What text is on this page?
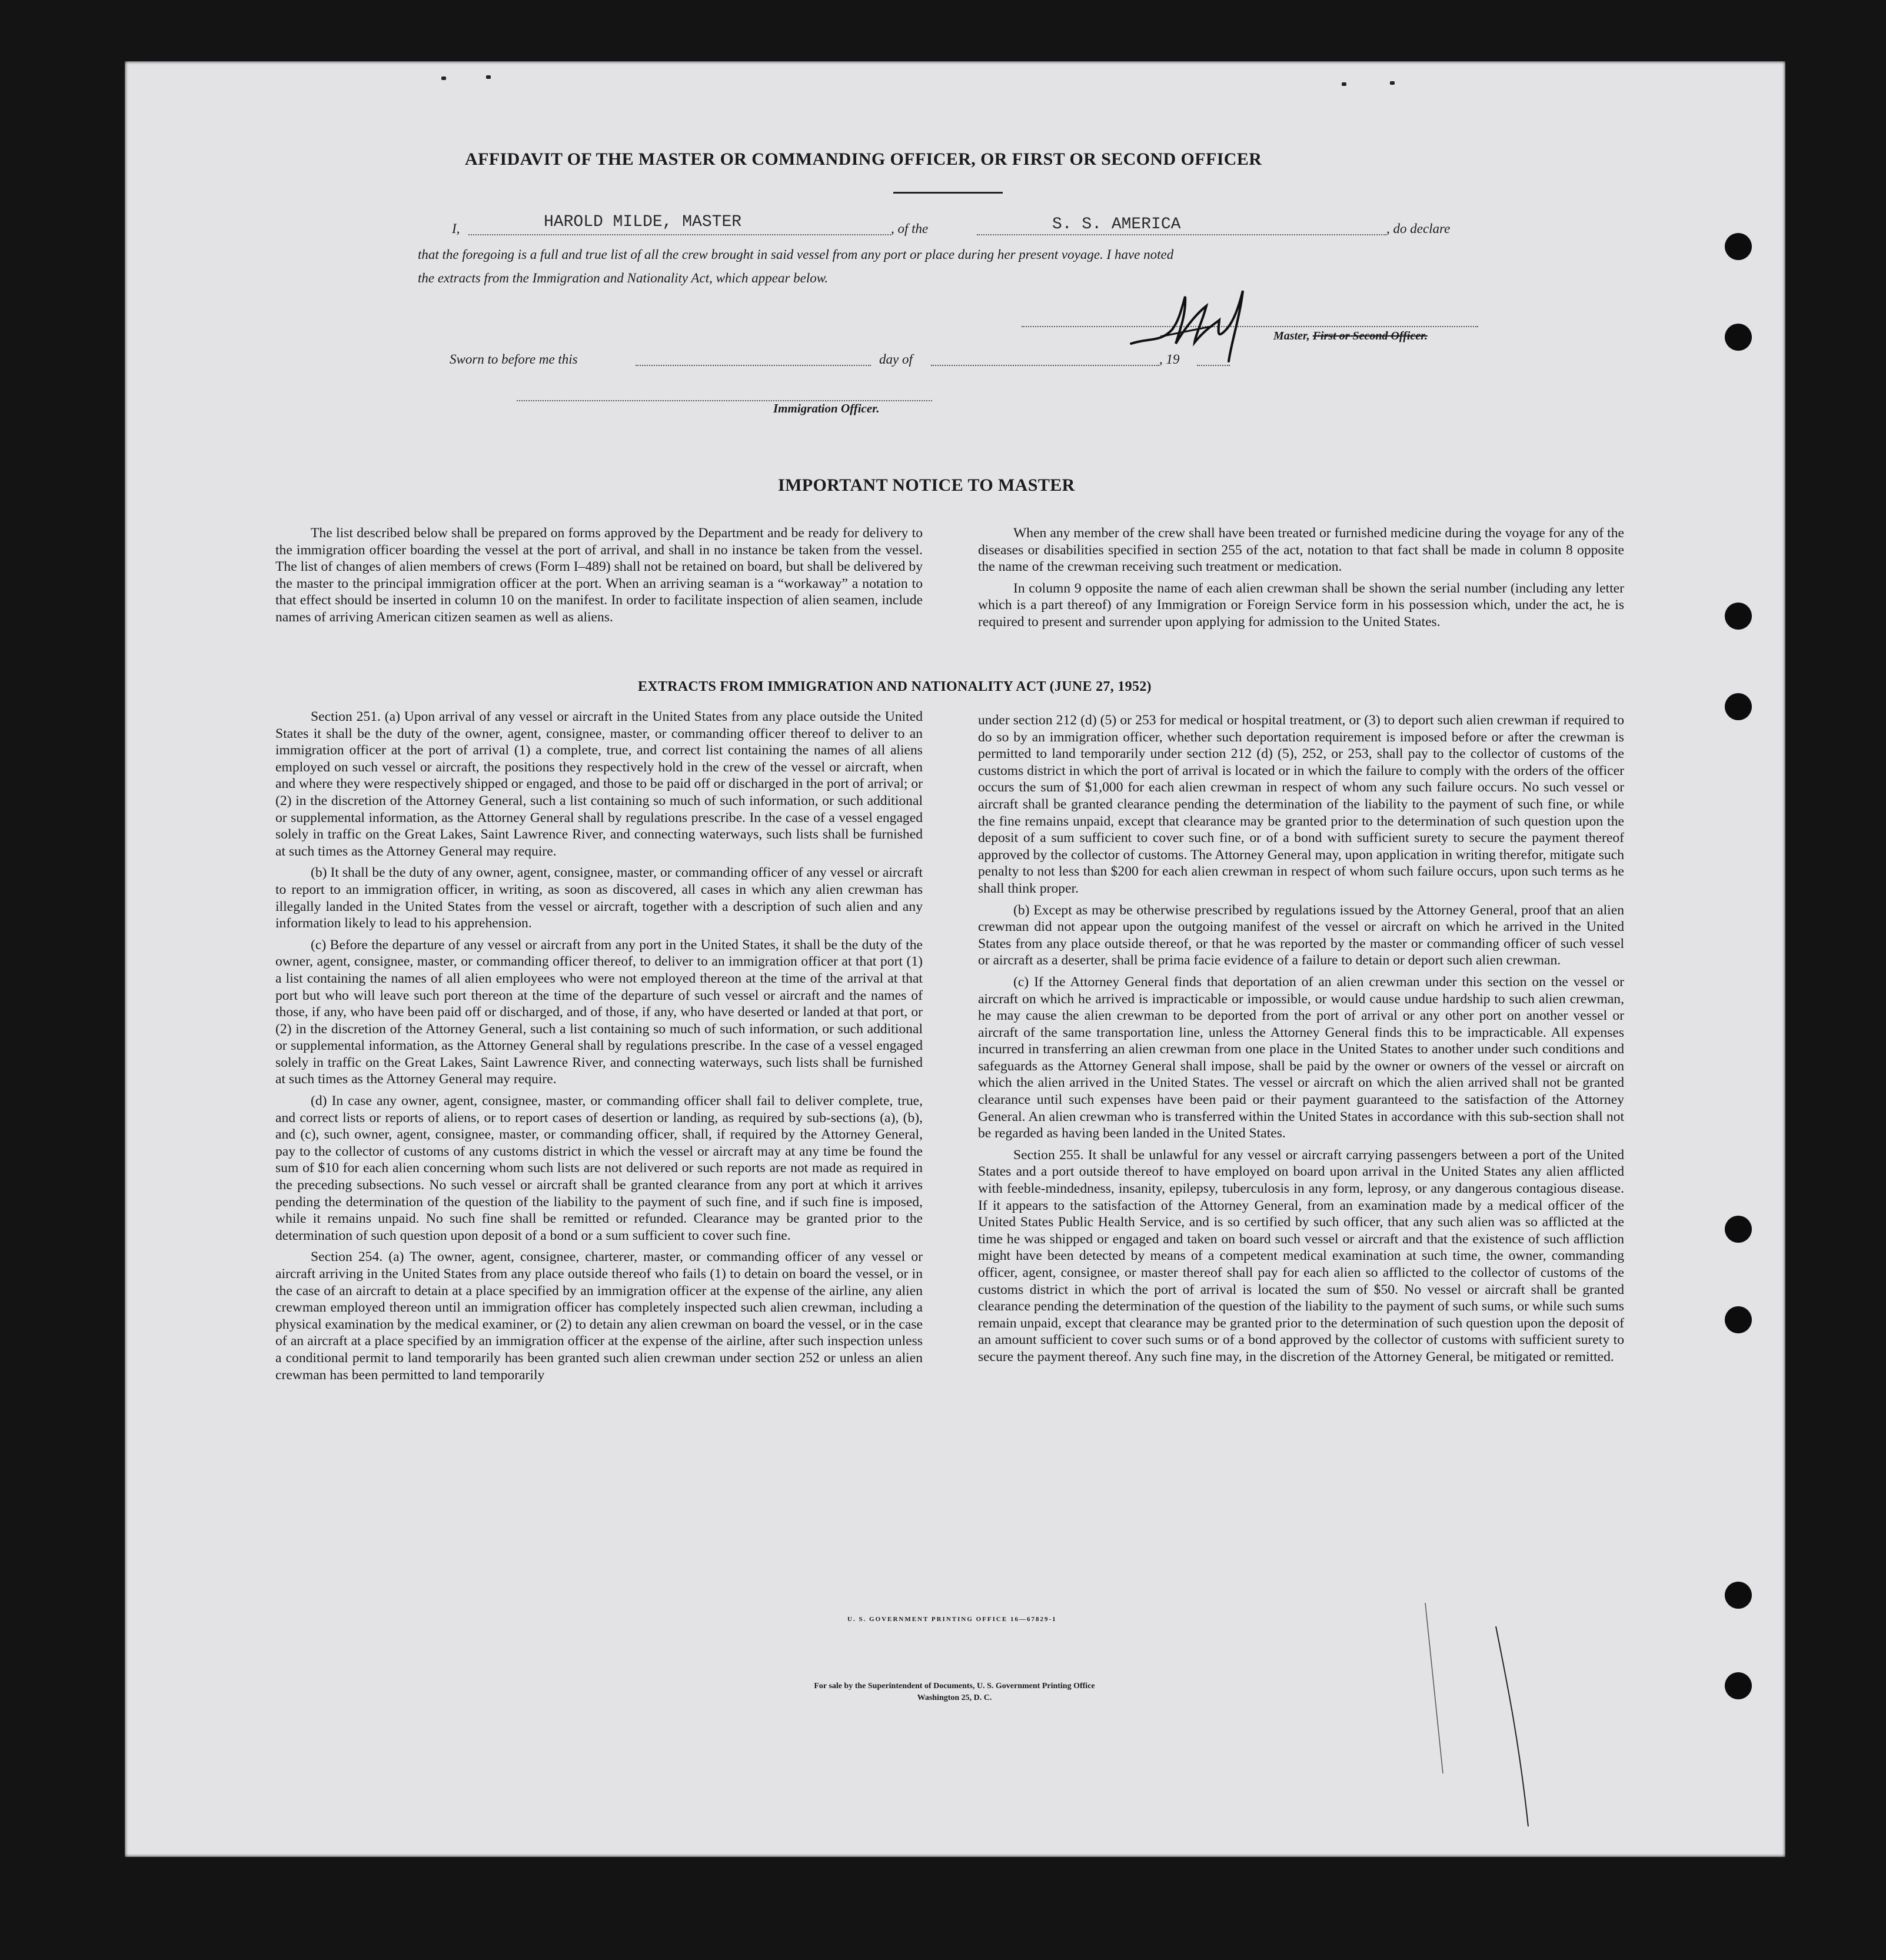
AFFIDAVIT OF THE MASTER OR COMMANDING OFFICER, OR FIRST OR SECOND OFFICER
I,	HAROLD MILDE, MASTER	, of the	S. S. AMERICA	, do declare
that the foregoing is a full and true list of all the crew brought in said vessel from any port or place during her present voyage. I have noted
the extracts from the Immigration and Nationality Act, which appear below.
Master, First or Second Officer.
Sworn to before me this	day of	, 19
Immigration Officer.
IMPORTANT NOTICE TO MASTER

The list described below shall be prepared on forms approved by the Department and be ready for delivery to the immigration officer boarding the vessel at the port of arrival, and shall in no instance be taken from the vessel. The list of changes of alien members of crews (Form I–489) shall not be retained on board, but shall be delivered by the master to the principal immigration officer at the port. When an arriving seaman is a “workaway” a notation to that effect should be inserted in column 10 on the manifest. In order to facilitate inspection of alien seamen, include names of arriving American citizen seamen as well as aliens.

When any member of the crew shall have been treated or furnished medicine during the voyage for any of the diseases or disabilities specified in section 255 of the act, notation to that fact shall be made in column 8 opposite the name of the crewman receiving such treatment or medication.

In column 9 opposite the name of each alien crewman shall be shown the serial number (including any letter which is a part thereof) of any Immigration or Foreign Service form in his possession which, under the act, he is required to present and surrender upon applying for admission to the United States.

EXTRACTS FROM IMMIGRATION AND NATIONALITY ACT (JUNE 27, 1952)

Section 251. (a) Upon arrival of any vessel or aircraft in the United States from any place outside the United States it shall be the duty of the owner, agent, consignee, master, or commanding officer thereof to deliver to an immigration officer at the port of arrival (1) a complete, true, and correct list containing the names of all aliens employed on such vessel or aircraft, the positions they respectively hold in the crew of the vessel or aircraft, when and where they were respectively shipped or engaged, and those to be paid off or discharged in the port of arrival; or (2) in the discretion of the Attorney General, such a list containing so much of such information, or such additional or supplemental information, as the Attorney General shall by regulations prescribe. In the case of a vessel engaged solely in traffic on the Great Lakes, Saint Lawrence River, and connecting waterways, such lists shall be furnished at such times as the Attorney General may require.

(b) It shall be the duty of any owner, agent, consignee, master, or commanding officer of any vessel or aircraft to report to an immigration officer, in writing, as soon as discovered, all cases in which any alien crewman has illegally landed in the United States from the vessel or aircraft, together with a description of such alien and any information likely to lead to his apprehension.

(c) Before the departure of any vessel or aircraft from any port in the United States, it shall be the duty of the owner, agent, consignee, master, or commanding officer thereof, to deliver to an immigration officer at that port (1) a list containing the names of all alien employees who were not employed thereon at the time of the arrival at that port but who will leave such port thereon at the time of the departure of such vessel or aircraft and the names of those, if any, who have been paid off or discharged, and of those, if any, who have deserted or landed at that port, or (2) in the discretion of the Attorney General, such a list containing so much of such information, or such additional or supplemental information, as the Attorney General shall by regulations prescribe. In the case of a vessel engaged solely in traffic on the Great Lakes, Saint Lawrence River, and connecting waterways, such lists shall be furnished at such times as the Attorney General may require.

(d) In case any owner, agent, consignee, master, or commanding officer shall fail to deliver complete, true, and correct lists or reports of aliens, or to report cases of desertion or landing, as required by sub-sections (a), (b), and (c), such owner, agent, consignee, master, or commanding officer, shall, if required by the Attorney General, pay to the collector of customs of any customs district in which the vessel or aircraft may at any time be found the sum of $10 for each alien concerning whom such lists are not delivered or such reports are not made as required in the preceding subsections. No such vessel or aircraft shall be granted clearance from any port at which it arrives pending the determination of the question of the liability to the payment of such fine, and if such fine is imposed, while it remains unpaid. No such fine shall be remitted or refunded. Clearance may be granted prior to the determination of such question upon deposit of a bond or a sum sufficient to cover such fine.

Section 254. (a) The owner, agent, consignee, charterer, master, or commanding officer of any vessel or aircraft arriving in the United States from any place outside thereof who fails (1) to detain on board the vessel, or in the case of an aircraft to detain at a place specified by an immigration officer at the expense of the airline, any alien crewman employed thereon until an immigration officer has completely inspected such alien crewman, including a physical examination by the medical examiner, or (2) to detain any alien crewman on board the vessel, or in the case of an aircraft at a place specified by an immigration officer at the expense of the airline, after such inspection unless a conditional permit to land temporarily has been granted such alien crewman under section 252 or unless an alien crewman has been permitted to land temporarily

under section 212 (d) (5) or 253 for medical or hospital treatment, or (3) to deport such alien crewman if required to do so by an immigration officer, whether such deportation requirement is imposed before or after the crewman is permitted to land temporarily under section 212 (d) (5), 252, or 253, shall pay to the collector of customs of the customs district in which the port of arrival is located or in which the failure to comply with the orders of the officer occurs the sum of $1,000 for each alien crewman in respect of whom any such failure occurs. No such vessel or aircraft shall be granted clearance pending the determination of the liability to the payment of such fine, or while the fine remains unpaid, except that clearance may be granted prior to the determination of such question upon the deposit of a sum sufficient to cover such fine, or of a bond with sufficient surety to secure the payment thereof approved by the collector of customs. The Attorney General may, upon application in writing therefor, mitigate such penalty to not less than $200 for each alien crewman in respect of whom such failure occurs, upon such terms as he shall think proper.

(b) Except as may be otherwise prescribed by regulations issued by the Attorney General, proof that an alien crewman did not appear upon the outgoing manifest of the vessel or aircraft on which he arrived in the United States from any place outside thereof, or that he was reported by the master or commanding officer of such vessel or aircraft as a deserter, shall be prima facie evidence of a failure to detain or deport such alien crewman.

(c) If the Attorney General finds that deportation of an alien crewman under this section on the vessel or aircraft on which he arrived is impracticable or impossible, or would cause undue hardship to such alien crewman, he may cause the alien crewman to be deported from the port of arrival or any other port on another vessel or aircraft of the same transportation line, unless the Attorney General finds this to be impracticable. All expenses incurred in transferring an alien crewman from one place in the United States to another under such conditions and safeguards as the Attorney General shall impose, shall be paid by the owner or owners of the vessel or aircraft on which the alien arrived in the United States. The vessel or aircraft on which the alien arrived shall not be granted clearance until such expenses have been paid or their payment guaranteed to the satisfaction of the Attorney General. An alien crewman who is transferred within the United States in accordance with this sub-section shall not be regarded as having been landed in the United States.

Section 255. It shall be unlawful for any vessel or aircraft carrying passengers between a port of the United States and a port outside thereof to have employed on board upon arrival in the United States any alien afflicted with feeble-mindedness, insanity, epilepsy, tuberculosis in any form, leprosy, or any dangerous contagious disease. If it appears to the satisfaction of the Attorney General, from an examination made by a medical officer of the United States Public Health Service, and is so certified by such officer, that any such alien was so afflicted at the time he was shipped or engaged and taken on board such vessel or aircraft and that the existence of such affliction might have been detected by means of a competent medical examination at such time, the owner, commanding officer, agent, consignee, or master thereof shall pay for each alien so afflicted to the collector of customs of the customs district in which the port of arrival is located the sum of $50. No vessel or aircraft shall be granted clearance pending the determination of the question of the liability to the payment of such sums, or while such sums remain unpaid, except that clearance may be granted prior to the determination of such question upon the deposit of an amount sufficient to cover such sums or of a bond approved by the collector of customs with sufficient surety to secure the payment thereof. Any such fine may, in the discretion of the Attorney General, be mitigated or remitted.

U. S. GOVERNMENT PRINTING OFFICE 16—67829-1
For sale by the Superintendent of Documents, U. S. Government Printing Office
Washington 25, D. C.
